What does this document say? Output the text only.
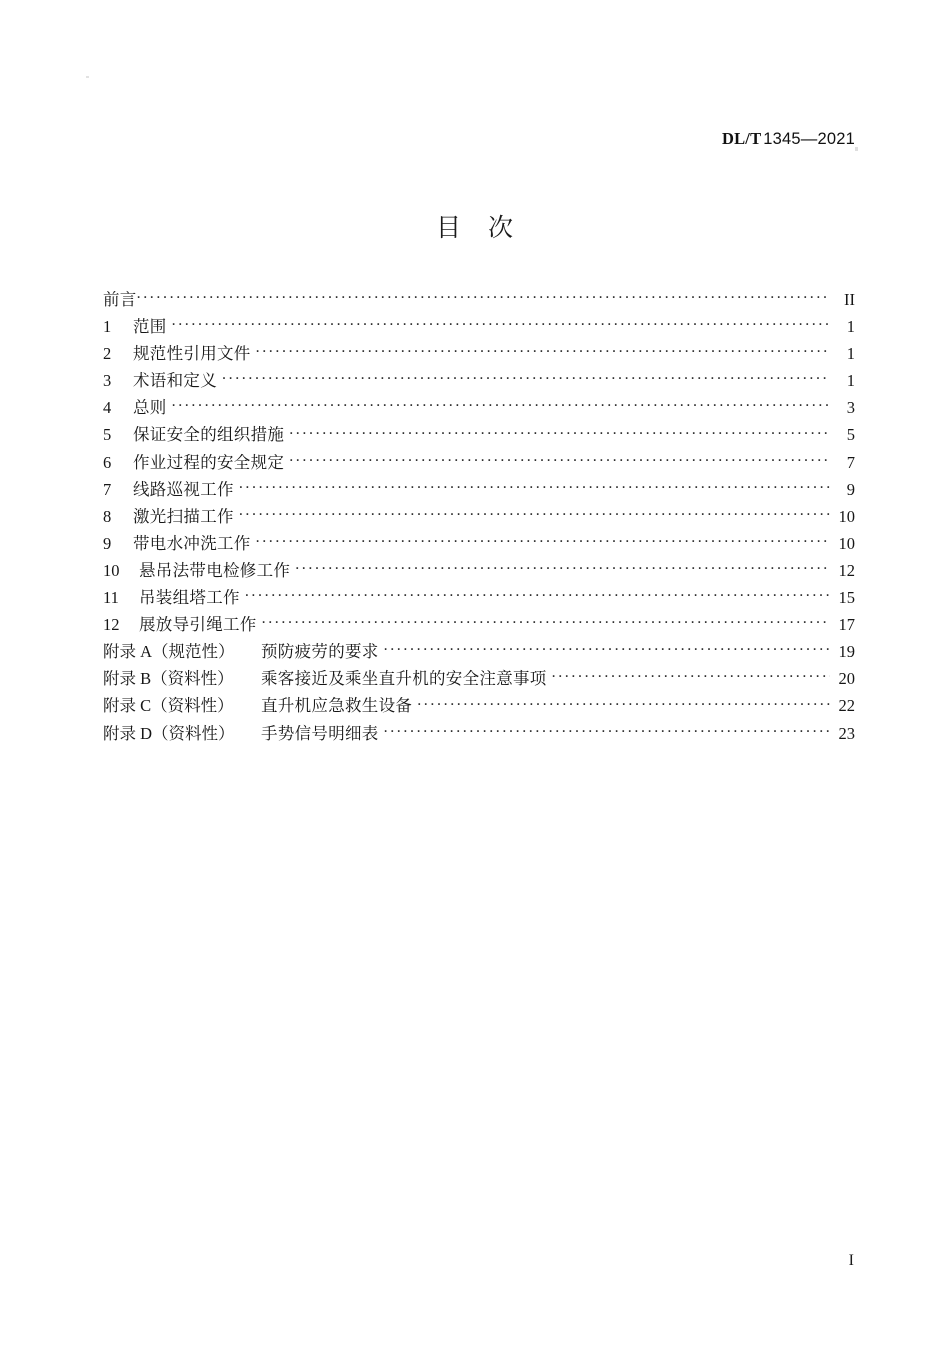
DL/T 1345—2021
目 次
前言 .....	II
1	范围 .....	1
2	规范性引用文件 .....	1
3	术语和定义 .....	1
4	总则 .....	3
5	保证安全的组织措施 .....	5
6	作业过程的安全规定 .....	7
7	线路巡视工作 .....	9
8	激光扫描工作 .....	10
9	带电水冲洗工作 .....	10
10	悬吊法带电检修工作 .....	12
11	吊装组塔工作 .....	15
12	展放导引绳工作 .....	17
附录 A（规范性）	预防疲劳的要求 .....	19
附录 B（资料性）	乘客接近及乘坐直升机的安全注意事项 .....	20
附录 C（资料性）	直升机应急救生设备 .....	22
附录 D（资料性）	手势信号明细表 .....	23
I
